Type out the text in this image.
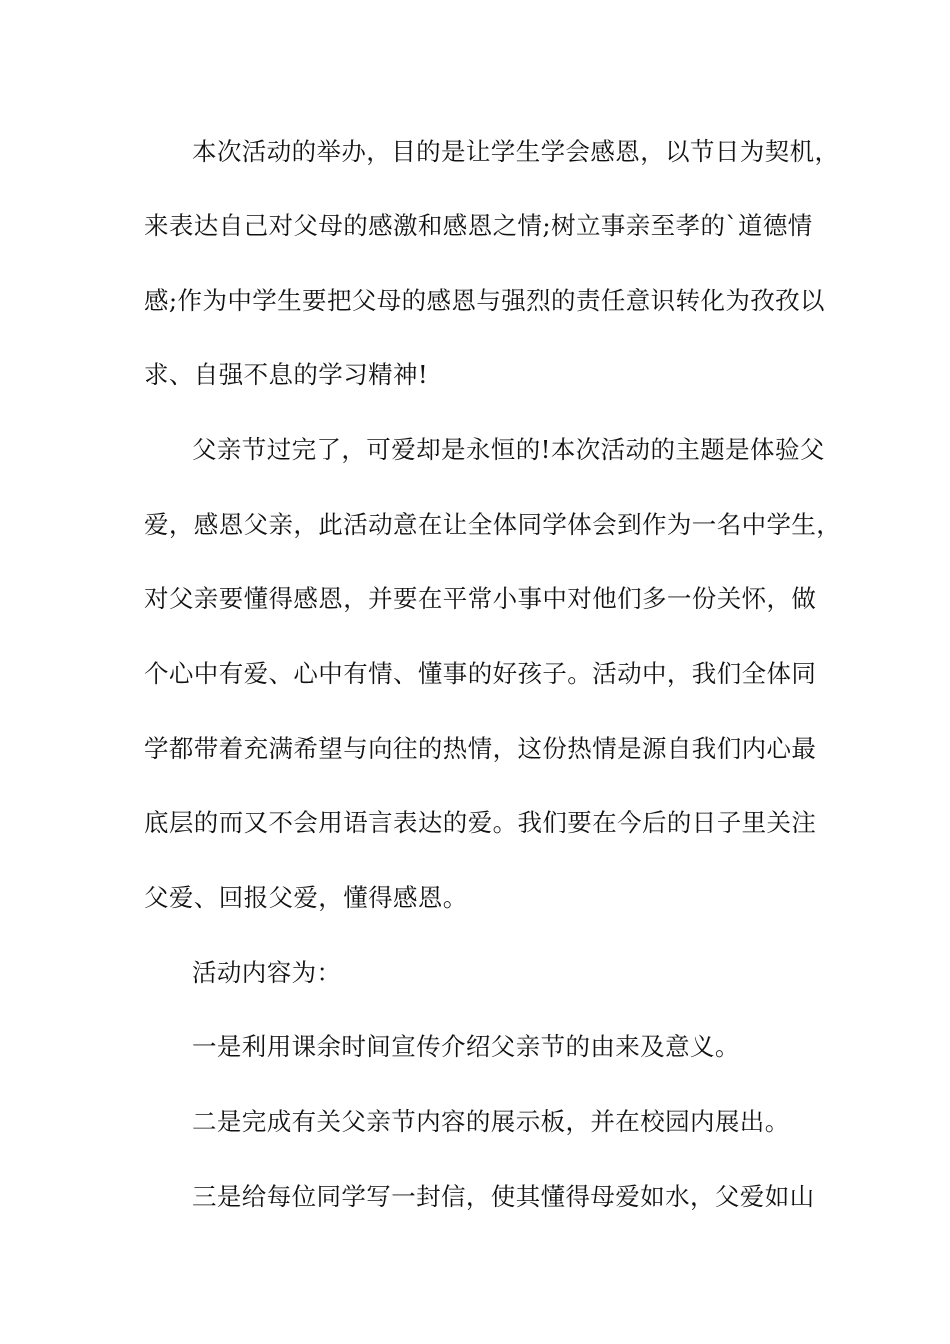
本次活动的举办，目的是让学生学会感恩，以节日为契机，
来表达自己对父母的感激和感恩之情;树立事亲至孝的`道德情
感;作为中学生要把父母的感恩与强烈的责任意识转化为孜孜以
求、自强不息的学习精神!
父亲节过完了，可爱却是永恒的!本次活动的主题是体验父
爱，感恩父亲，此活动意在让全体同学体会到作为一名中学生，
对父亲要懂得感恩，并要在平常小事中对他们多一份关怀，做
个心中有爱、心中有情、懂事的好孩子。活动中，我们全体同
学都带着充满希望与向往的热情，这份热情是源自我们内心最
底层的而又不会用语言表达的爱。我们要在今后的日子里关注
父爱、回报父爱，懂得感恩。
活动内容为：
一是利用课余时间宣传介绍父亲节的由来及意义。
二是完成有关父亲节内容的展示板，并在校园内展出。
三是给每位同学写一封信，使其懂得母爱如水，父爱如山
